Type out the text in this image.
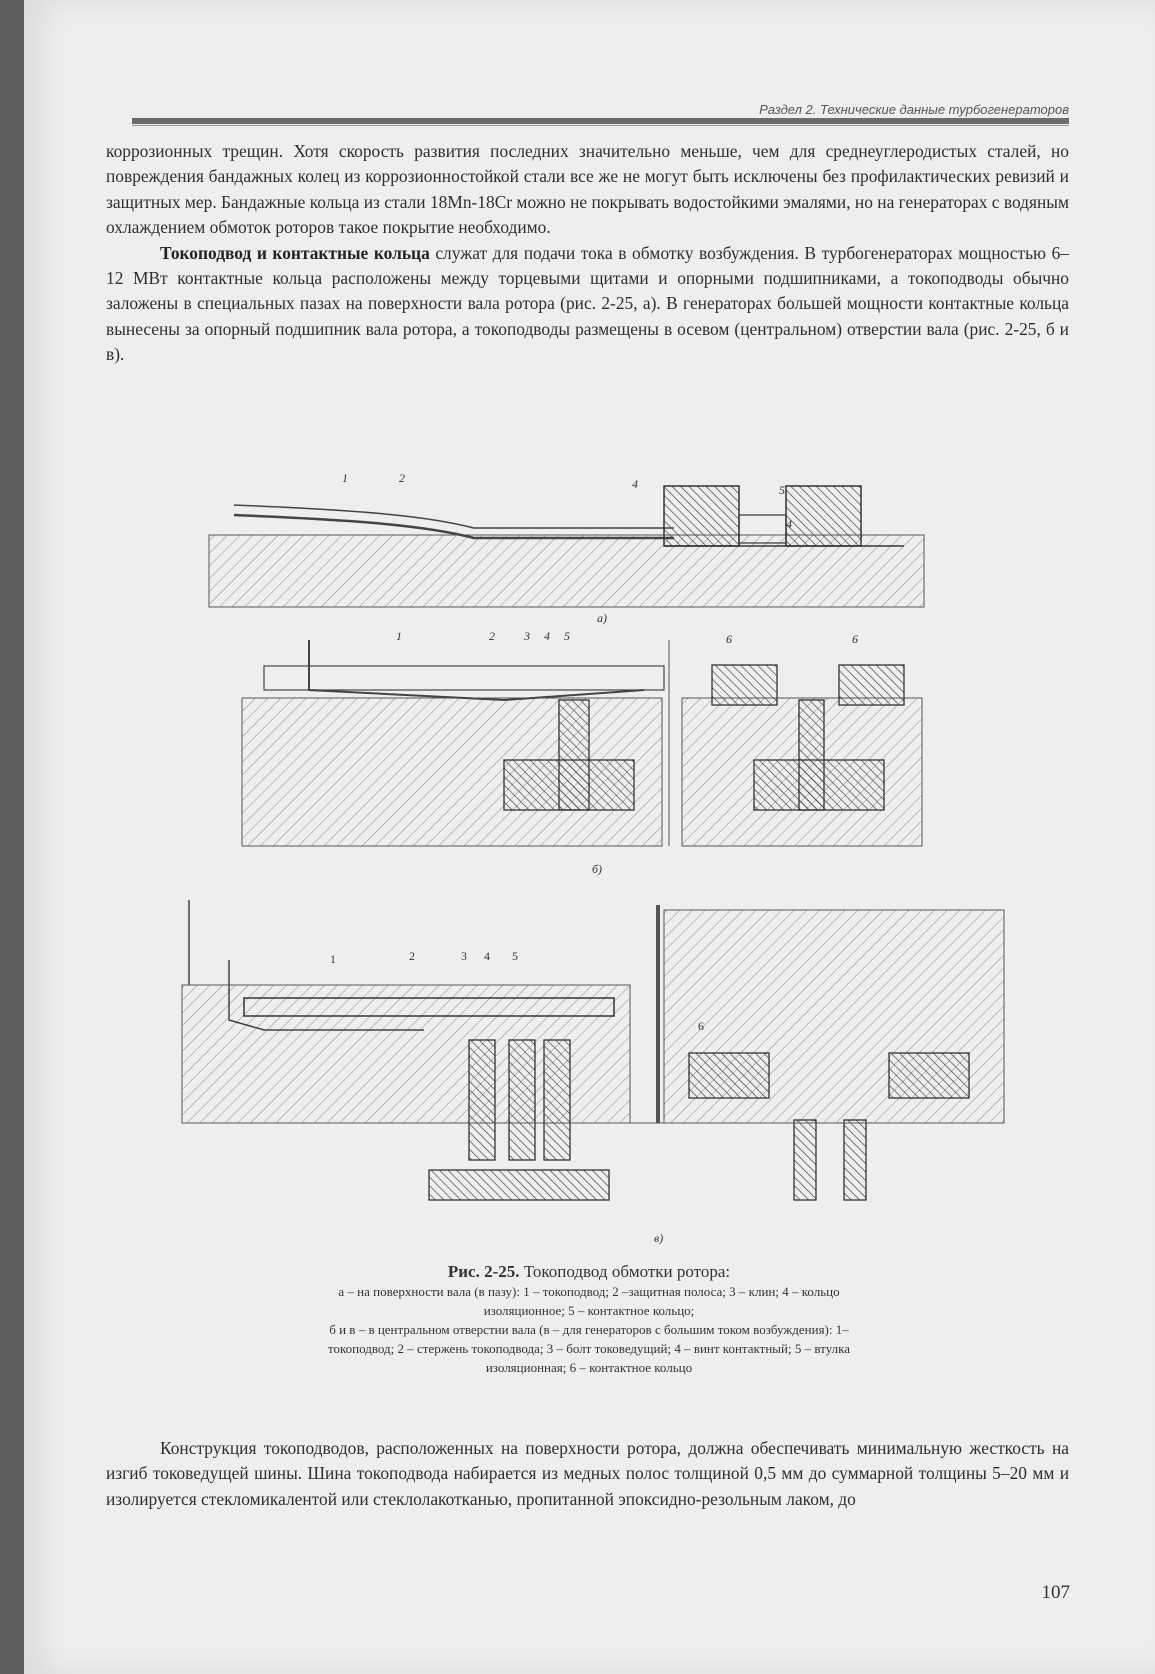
Раздел 2. Технические данные турбогенераторов

коррозионных трещин. Хотя скорость развития последних значительно меньше, чем для среднеуглеродистых сталей, но повреждения бандажных колец из коррозионностойкой стали все же не могут быть исключены без профилактических ревизий и защитных мер. Бандажные кольца из стали 18Mn-18Cr можно не покрывать водостойкими эмалями, но на генераторах с водяным охлаждением обмоток роторов такое покрытие необходимо.

Токоподвод и контактные кольца служат для подачи тока в обмотку возбуждения. В турбогенераторах мощностью 6–12 МВт контактные кольца расположены между торцевыми щитами и опорными подшипниками, а токоподводы обычно заложены в специальных пазах на поверхности вала ротора (рис. 2-25, а). В генераторах большей мощности контактные кольца вынесены за опорный подшипник вала ротора, а токоподводы размещены в осевом (центральном) отверстии вала (рис. 2-25, б и в).

4	5
4
1	2
а)
1	2 3 4 5	6	6
б)
1	2	3 4 5
6
в)
Рис. 2-25. Токоподвод обмотки ротора:
а – на поверхности вала (в пазу): 1 – токоподвод; 2 –защитная полоса; 3 – клин; 4 – кольцо
изоляционное; 5 – контактное кольцо;
б и в – в центральном отверстии вала (в – для генераторов с большим током возбуждения): 1–
токоподвод; 2 – стержень токоподвода; 3 – болт токоведущий; 4 – винт контактный; 5 – втулка
изоляционная; 6 – контактное кольцо

Конструкция токоподводов, расположенных на поверхности ротора, должна обеспечивать минимальную жесткость на изгиб токоведущей шины. Шина токоподвода набирается из медных полос толщиной 0,5 мм до суммарной толщины 5–20 мм и изолируется стекломикалентой или стеклолакотканью, пропитанной эпоксидно-резольным лаком, до

107
